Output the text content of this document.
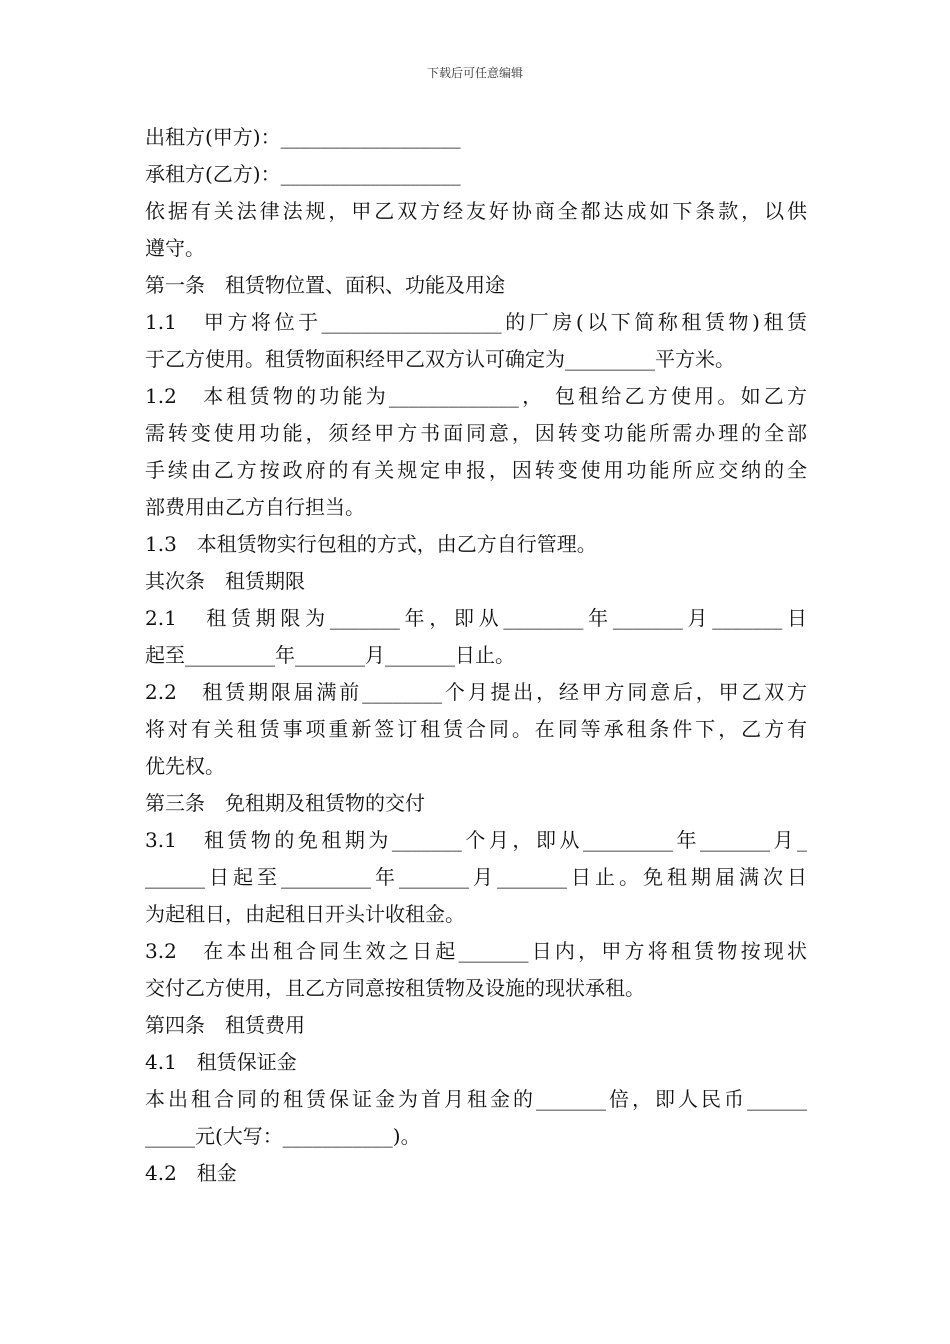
下载后可任意编辑
出租方(甲方)：__________________
承租方(乙方)：__________________
依据有关法律法规，甲乙双方经友好协商全都达成如下条款，以供
遵守。
第一条　租赁物位置、面积、功能及用途
1.1　甲方将位于__________________的厂房(以下简称租赁物)租赁
于乙方使用。租赁物面积经甲乙双方认可确定为_________平方米。
1.2　本租赁物的功能为_____________， 包租给乙方使用。如乙方
需转变使用功能，须经甲方书面同意，因转变功能所需办理的全部
手续由乙方按政府的有关规定申报，因转变使用功能所应交纳的全
部费用由乙方自行担当。
1.3　本租赁物实行包租的方式，由乙方自行管理。
其次条　租赁期限
2.1　租赁期限为_______年，即从________年_______月_______日
起至_________年_______月_______日止。
2.2　租赁期限届满前________个月提出，经甲方同意后，甲乙双方
将对有关租赁事项重新签订租赁合同。在同等承租条件下，乙方有
优先权。
第三条　免租期及租赁物的交付
3.1　租赁物的免租期为_______个月，即从_________年_______月_
______日起至_________年_______月_______日止。免租期届满次日
为起租日，由起租日开头计收租金。
3.2　在本出租合同生效之日起_______日内，甲方将租赁物按现状
交付乙方使用，且乙方同意按租赁物及设施的现状承租。
第四条　租赁费用
4.1　租赁保证金
本出租合同的租赁保证金为首月租金的_______倍，即人民币______
_____元(大写：___________)。
4.2　租金
